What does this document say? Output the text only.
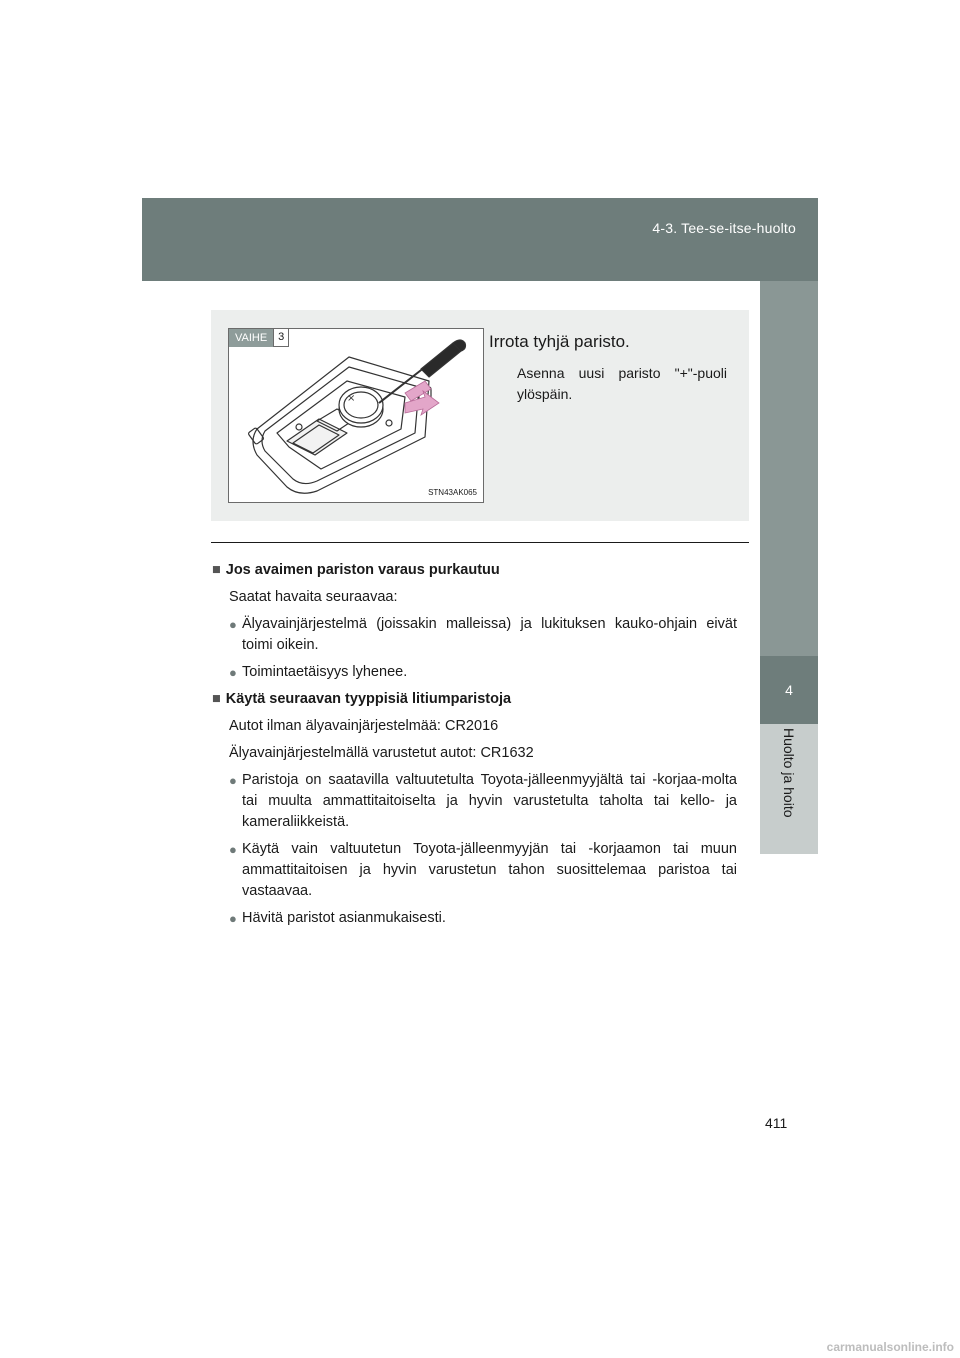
4-3. Tee-se-itse-huolto
4
Huolto ja hoito
VAIHE 3
×
STN43AK065
Irrota tyhjä paristo.
Asenna uusi paristo "+"-puoli ylöspäin.
■ Jos avaimen pariston varaus purkautuu
Saatat havaita seuraavaa:
● Älyavainjärjestelmä (joissakin malleissa) ja lukituksen kauko-ohjain eivät toimi oikein.
● Toimintaetäisyys lyhenee.
■ Käytä seuraavan tyyppisiä litiumparistoja
Autot ilman älyavainjärjestelmää: CR2016
Älyavainjärjestelmällä varustetut autot: CR1632
● Paristoja on saatavilla valtuutetulta Toyota-jälleenmyyjältä tai -korjaa-molta tai muulta ammattitaitoiselta ja hyvin varustetulta taholta tai kello- ja kameraliikkeistä.
● Käytä vain valtuutetun Toyota-jälleenmyyjän tai -korjaamon tai muun ammattitaitoisen ja hyvin varustetun tahon suosittelemaa paristoa tai vastaavaa.
● Hävitä paristot asianmukaisesti.
411
carmanualsonline.info
